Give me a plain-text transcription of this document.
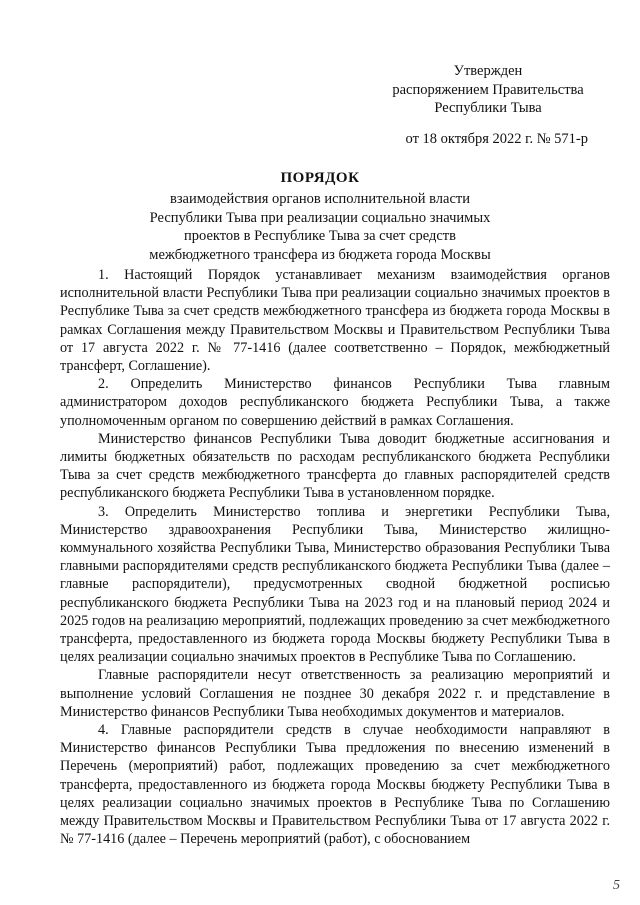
Утвержден
распоряжением Правительства
Республики Тыва
от 18 октября 2022 г. № 571-р
ПОРЯДОК
взаимодействия органов исполнительной власти
Республики Тыва при реализации социально значимых
проектов в Республике Тыва за счет средств
межбюджетного трансфера из бюджета города Москвы

1. Настоящий Порядок устанавливает механизм взаимодействия органов исполнительной власти Республики Тыва при реализации социально значимых проектов в Республике Тыва за счет средств межбюджетного трансфера из бюджета города Москвы в рамках Соглашения между Правительством Москвы и Правительством Республики Тыва от 17 августа 2022 г. № 77-1416 (далее соответственно – Порядок, межбюджетный трансферт, Соглашение).

2. Определить Министерство финансов Республики Тыва главным администратором доходов республиканского бюджета Республики Тыва, а также уполномоченным органом по совершению действий в рамках Соглашения.

Министерство финансов Республики Тыва доводит бюджетные ассигнования и лимиты бюджетных обязательств по расходам республиканского бюджета Республики Тыва за счет средств межбюджетного трансферта до главных распорядителей средств республиканского бюджета Республики Тыва в установленном порядке.

3. Определить Министерство топлива и энергетики Республики Тыва, Министерство здравоохранения Республики Тыва, Министерство жилищно-коммунального хозяйства Республики Тыва, Министерство образования Республики Тыва главными распорядителями средств республиканского бюджета Республики Тыва (далее – главные распорядители), предусмотренных сводной бюджетной росписью республиканского бюджета Республики Тыва на 2023 год и на плановый период 2024 и 2025 годов на реализацию мероприятий, подлежащих проведению за счет межбюджетного трансферта, предоставленного из бюджета города Москвы бюджету Республики Тыва в целях реализации социально значимых проектов в Республике Тыва по Соглашению.

Главные распорядители несут ответственность за реализацию мероприятий и выполнение условий Соглашения не позднее 30 декабря 2022 г. и представление в Министерство финансов Республики Тыва необходимых документов и материалов.

4. Главные распорядители средств в случае необходимости направляют в Министерство финансов Республики Тыва предложения по внесению изменений в Перечень (мероприятий) работ, подлежащих проведению за счет межбюджетного трансферта, предоставленного из бюджета города Москвы бюджету Республики Тыва в целях реализации социально значимых проектов в Республике Тыва по Соглашению между Правительством Москвы и Правительством Республики Тыва от 17 августа 2022 г. № 77-1416 (далее – Перечень мероприятий (работ), с обоснованием

5
